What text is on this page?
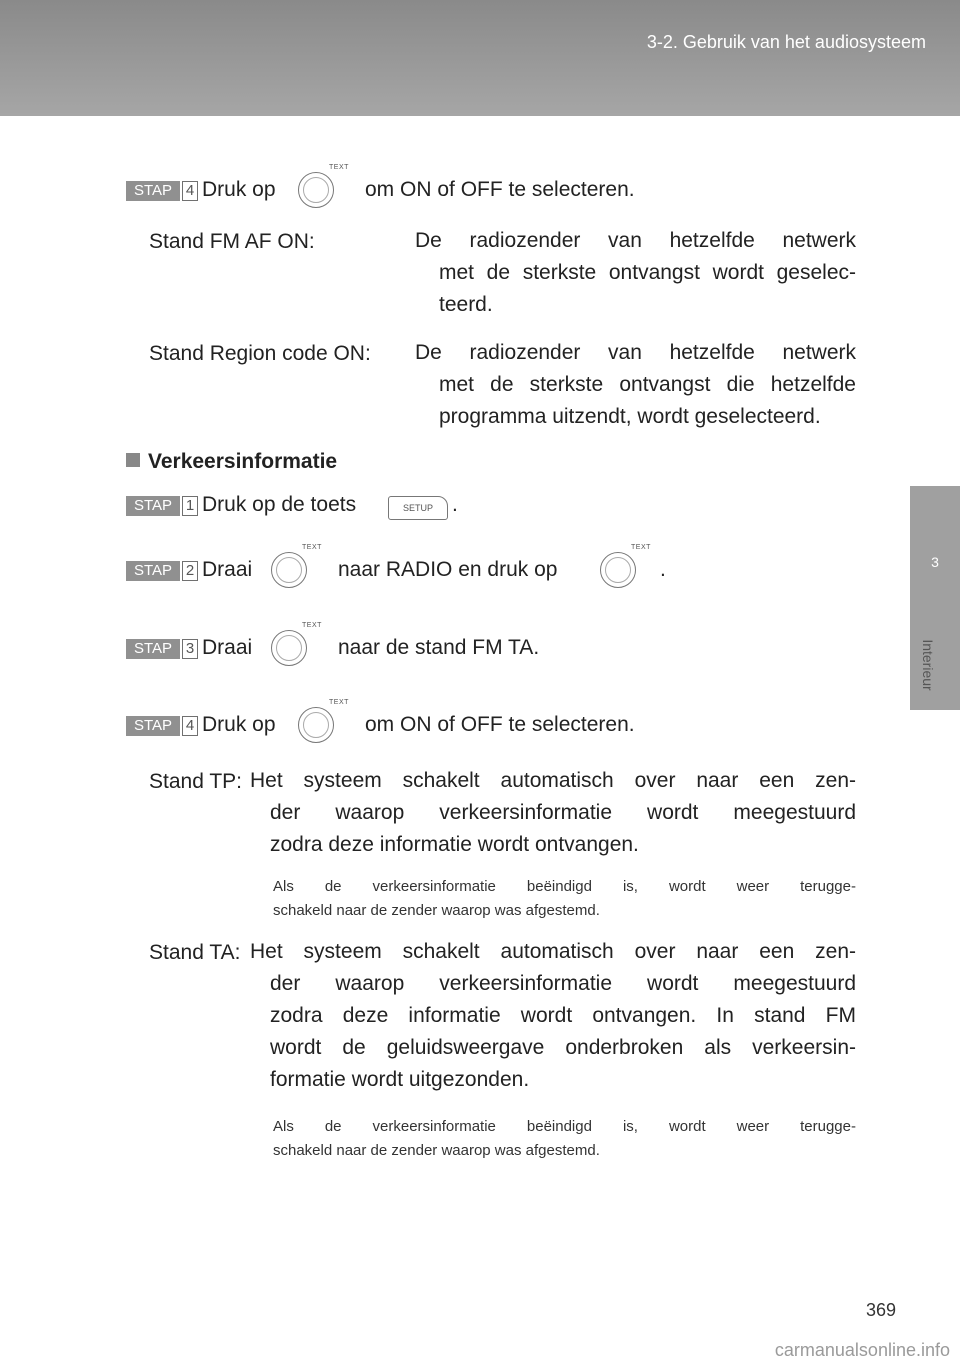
3-2. Gebruik van het audiosysteem
3
Interieur
STAP 4 Druk op
TEXT
om ON of OFF te selecteren.
Stand FM AF ON:	De radiozender van hetzelfde netwerk
met de sterkste ontvangst wordt geselec-
teerd.
Stand Region code ON: De radiozender van hetzelfde netwerk
met de sterkste ontvangst die hetzelfde
programma uitzendt, wordt geselecteerd.
Verkeersinformatie
STAP 1 Druk op de toets	SETUP .
STAP 2 Draai
TEXT
naar RADIO en druk op
TEXT
.
STAP 3 Draai
TEXT
naar de stand FM TA.
STAP 4 Druk op
TEXT
om ON of OFF te selecteren.
Stand TP: Het systeem schakelt automatisch over naar een zen-
der waarop verkeersinformatie wordt meegestuurd
zodra deze informatie wordt ontvangen.
Als de verkeersinformatie beëindigd is, wordt weer terugge-
schakeld naar de zender waarop was afgestemd.
Stand TA: Het systeem schakelt automatisch over naar een zen-
der waarop verkeersinformatie wordt meegestuurd
zodra deze informatie wordt ontvangen. In stand FM
wordt de geluidsweergave onderbroken als verkeersin-
formatie wordt uitgezonden.
Als de verkeersinformatie beëindigd is, wordt weer terugge-
schakeld naar de zender waarop was afgestemd.
369
carmanualsonline.info
